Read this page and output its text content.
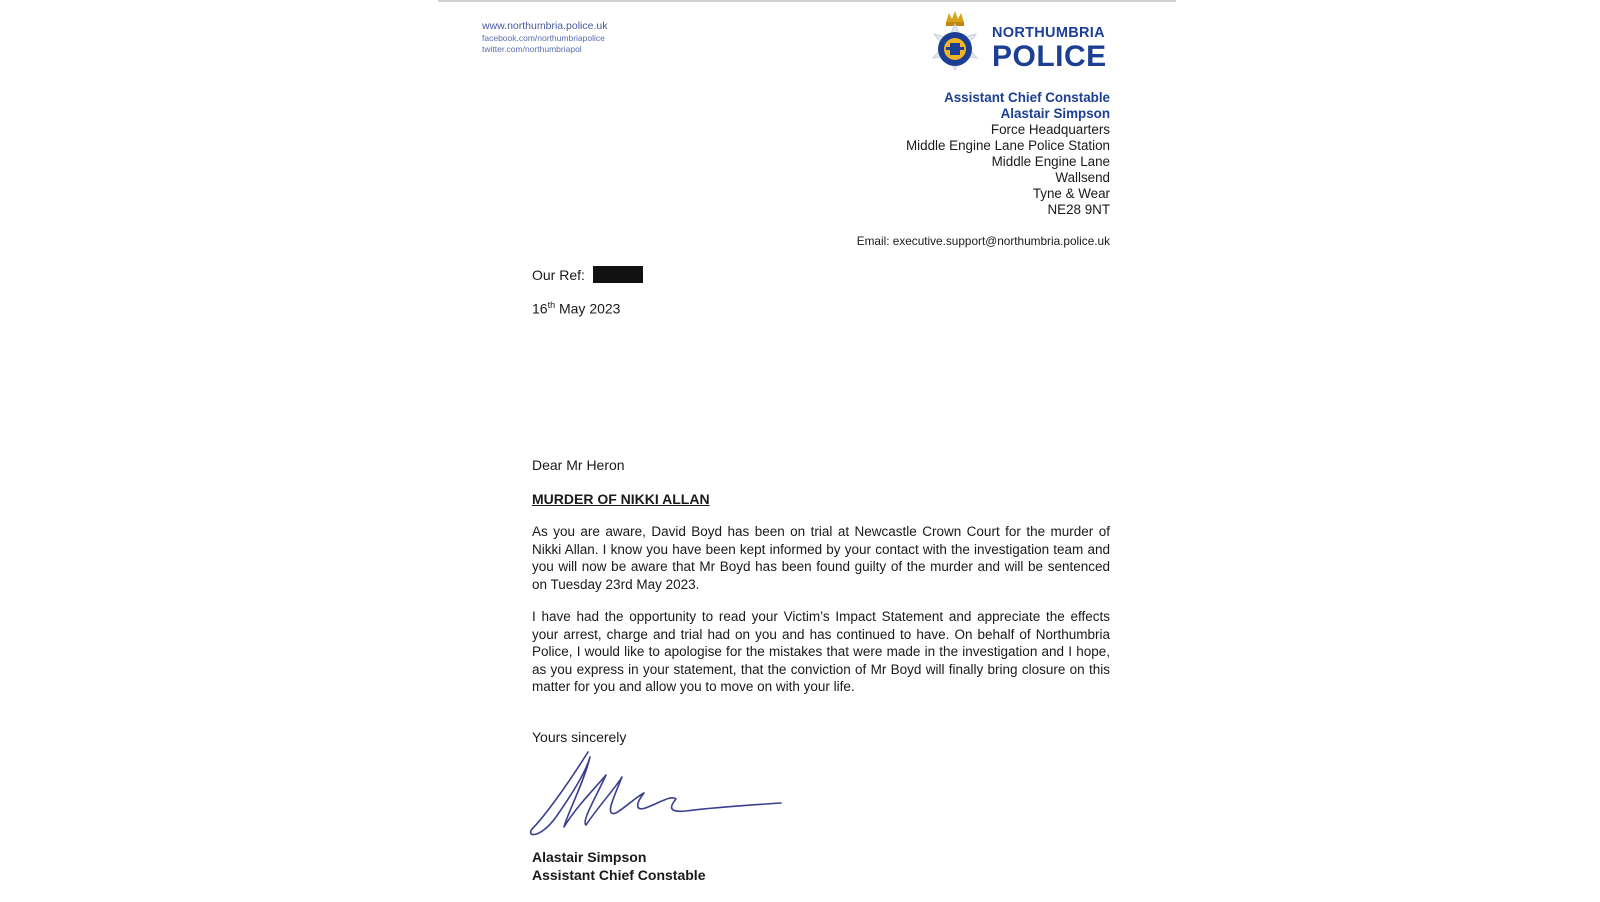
www.northumbria.police.uk
facebook.com/northumbriapolice
twitter.com/northumbriapol
NORTHUMBRIA
POLICE
Assistant Chief Constable
Alastair Simpson
Force Headquarters
Middle Engine Lane Police Station
Middle Engine Lane
Wallsend
Tyne & Wear
NE28 9NT
Email: executive.support@northumbria.police.uk
Our Ref:
16th May 2023
Dear Mr Heron
MURDER OF NIKKI ALLAN
As you are aware, David Boyd has been on trial at Newcastle Crown Court for the murder of Nikki Allan. I know you have been kept informed by your contact with the investigation team and you will now be aware that Mr Boyd has been found guilty of the murder and will be sentenced on Tuesday 23rd May 2023.
I have had the opportunity to read your Victim’s Impact Statement and appreciate the effects your arrest, charge and trial had on you and has continued to have. On behalf of Northumbria Police, I would like to apologise for the mistakes that were made in the investigation and I hope, as you express in your statement, that the conviction of Mr Boyd will finally bring closure on this matter for you and allow you to move on with your life.
Yours sincerely
Alastair Simpson
Assistant Chief Constable
